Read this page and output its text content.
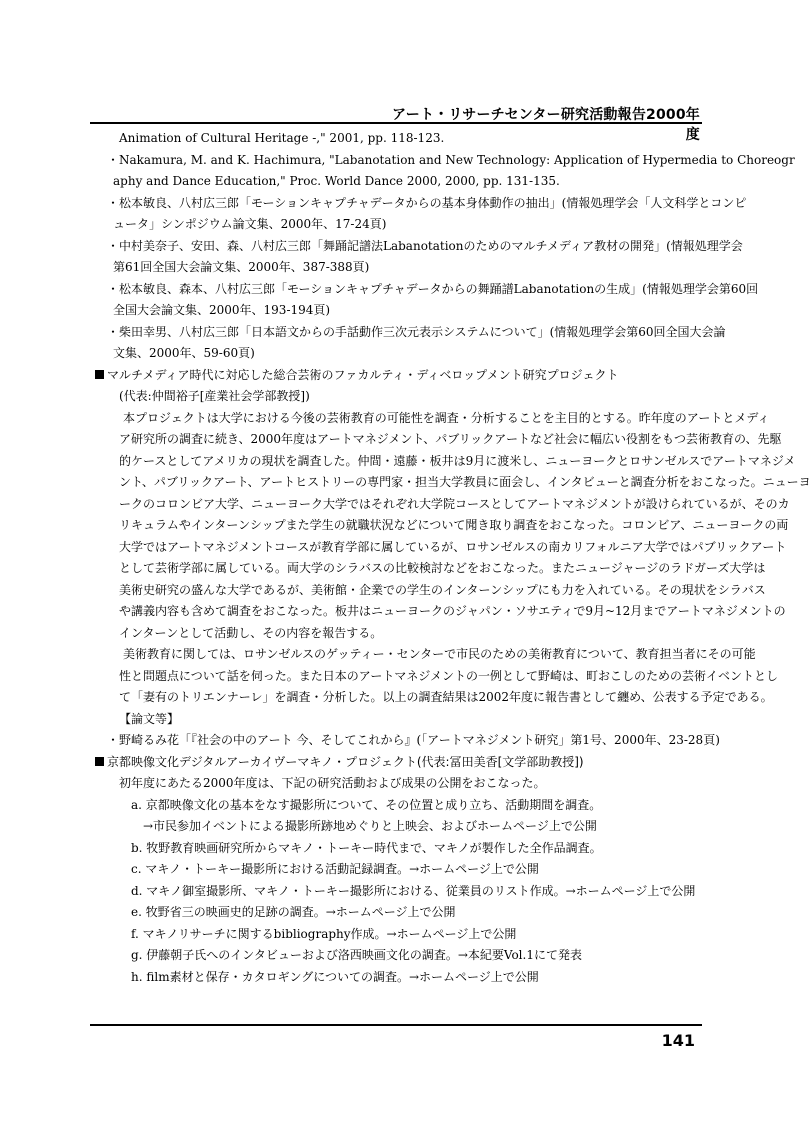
アート・リサーチセンター研究活動報告2000年度
Animation of Cultural Heritage -," 2001, pp. 118-123.
・Nakamura, M. and K. Hachimura, "Labanotation and New Technology: Application of Hypermedia to Choreogr
aphy and Dance Education," Proc. World Dance 2000, 2000, pp. 131-135.
・松本敏良、八村広三郎「モーションキャプチャデータからの基本身体動作の抽出」(情報処理学会「人文科学とコンピ
ュータ」シンポジウム論文集、2000年、17-24頁)
・中村美奈子、安田、森、八村広三郎「舞踊記譜法Labanotationのためのマルチメディア教材の開発」(情報処理学会
第61回全国大会論文集、2000年、387-388頁)
・松本敏良、森本、八村広三郎「モーションキャプチャデータからの舞踊譜Labanotationの生成」(情報処理学会第60回
全国大会論文集、2000年、193-194頁)
・柴田幸男、八村広三郎「日本語文からの手話動作三次元表示システムについて」(情報処理学会第60回全国大会論
文集、2000年、59-60頁)
マルチメディア時代に対応した総合芸術のファカルティ・ディベロップメント研究プロジェクト
(代表:仲間裕子[産業社会学部教授])
本プロジェクトは大学における今後の芸術教育の可能性を調査・分析することを主目的とする。昨年度のアートとメディ
ア研究所の調査に続き、2000年度はアートマネジメント、パブリックアートなど社会に幅広い役割をもつ芸術教育の、先駆
的ケースとしてアメリカの現状を調査した。仲間・遠藤・板井は9月に渡米し、ニューヨークとロサンゼルスでアートマネジメ
ント、パブリックアート、アートヒストリーの専門家・担当大学教員に面会し、インタビューと調査分析をおこなった。ニューヨ
ークのコロンビア大学、ニューヨーク大学ではそれぞれ大学院コースとしてアートマネジメントが設けられているが、そのカ
リキュラムやインターンシップまた学生の就職状況などについて聞き取り調査をおこなった。コロンビア、ニューヨークの両
大学ではアートマネジメントコースが教育学部に属しているが、ロサンゼルスの南カリフォルニア大学ではパブリックアート
として芸術学部に属している。両大学のシラバスの比較検討などをおこなった。またニュージャージのラドガーズ大学は
美術史研究の盛んな大学であるが、美術館・企業での学生のインターンシップにも力を入れている。その現状をシラバス
や講義内容も含めて調査をおこなった。板井はニューヨークのジャパン・ソサエティで9月~12月までアートマネジメントの
インターンとして活動し、その内容を報告する。
美術教育に関しては、ロサンゼルスのゲッティー・センターで市民のための美術教育について、教育担当者にその可能
性と問題点について話を伺った。また日本のアートマネジメントの一例として野崎は、町おこしのための芸術イベントとし
て「妻有のトリエンナーレ」を調査・分析した。以上の調査結果は2002年度に報告書として纏め、公表する予定である。
【論文等】
・野崎るみ花「『社会の中のアート 今、そしてこれから』(「アートマネジメント研究」第1号、2000年、23-28頁)
京都映像文化デジタルアーカイヴーマキノ・プロジェクト(代表:冨田美香[文学部助教授])
初年度にあたる2000年度は、下記の研究活動および成果の公開をおこなった。
a. 京都映像文化の基本をなす撮影所について、その位置と成り立ち、活動期間を調査。
→市民参加イベントによる撮影所跡地めぐりと上映会、およびホームページ上で公開
b. 牧野教育映画研究所からマキノ・トーキー時代まで、マキノが製作した全作品調査。
c. マキノ・トーキー撮影所における活動記録調査。→ホームページ上で公開
d. マキノ御室撮影所、マキノ・トーキー撮影所における、従業員のリスト作成。→ホームページ上で公開
e. 牧野省三の映画史的足跡の調査。→ホームページ上で公開
f. マキノリサーチに関するbibliography作成。→ホームページ上で公開
g. 伊藤朝子氏へのインタビューおよび洛西映画文化の調査。→本紀要Vol.1にて発表
h. film素材と保存・カタロギングについての調査。→ホームページ上で公開
141
